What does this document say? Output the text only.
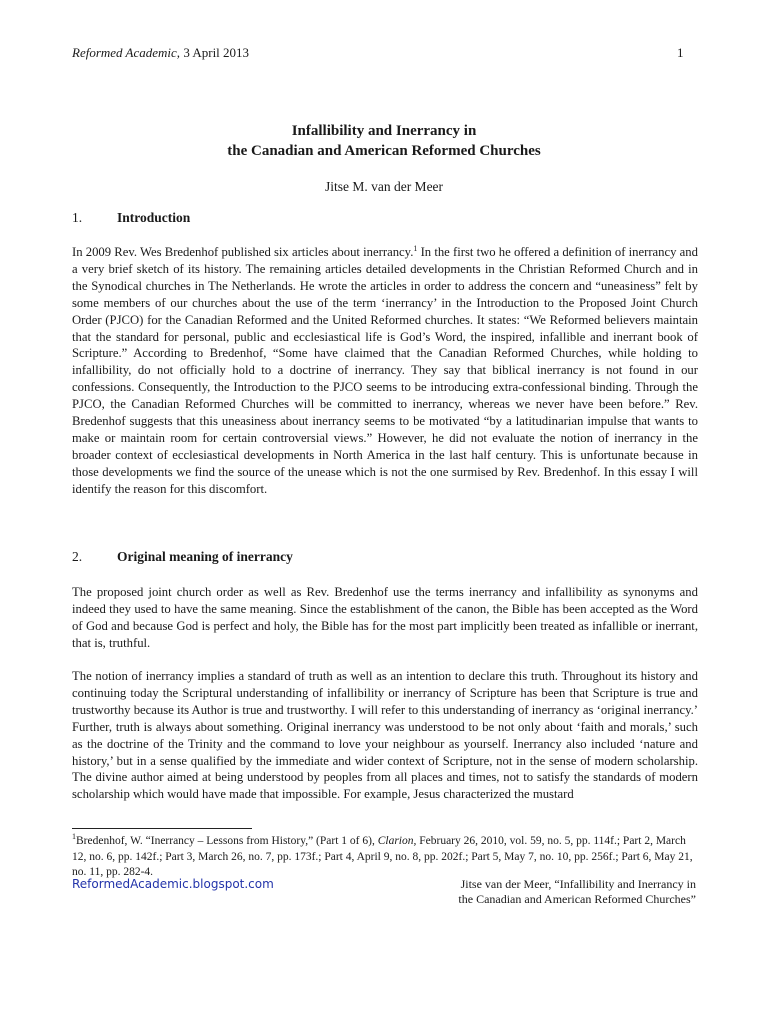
Reformed Academic, 3 April 2013	1
Infallibility and Inerrancy in
the Canadian and American Reformed Churches
Jitse M. van der Meer
1.	Introduction

In 2009 Rev. Wes Bredenhof published six articles about inerrancy.$^1$ In the first two he offered a definition of inerrancy and a very brief sketch of its history. The remaining articles detailed developments in the Christian Reformed Church and in the Synodical churches in The Netherlands. He wrote the articles in order to address the concern and “uneasiness” felt by some members of our churches about the use of the term ‘inerrancy’ in the Introduction to the Proposed Joint Church Order (PJCO) for the Canadian Reformed and the United Reformed churches. It states: “We Reformed believers maintain that the standard for personal, public and ecclesiastical life is God’s Word, the inspired, infallible and inerrant book of Scripture.” According to Bredenhof, “Some have claimed that the Canadian Reformed Churches, while holding to infallibility, do not officially hold to a doctrine of inerrancy. They say that biblical inerrancy is not found in our confessions. Consequently, the Introduction to the PJCO seems to be introducing extra-confessional binding. Through the PJCO, the Canadian Reformed Churches will be committed to inerrancy, whereas we never have been before.” Rev. Bredenhof suggests that this uneasiness about inerrancy seems to be motivated “by a latitudinarian impulse that wants to make or maintain room for certain controversial views.” However, he did not evaluate the notion of inerrancy in the broader context of ecclesiastical developments in North America in the last half century. This is unfortunate because in those developments we find the source of the unease which is not the one surmised by Rev. Bredenhof. In this essay I will identify the reason for this discomfort.

2.	Original meaning of inerrancy

The proposed joint church order as well as Rev. Bredenhof use the terms inerrancy and infallibility as synonyms and indeed they used to have the same meaning. Since the establishment of the canon, the Bible has been accepted as the Word of God and because God is perfect and holy, the Bible has for the most part implicitly been treated as infallible or inerrant, that is, truthful.

The notion of inerrancy implies a standard of truth as well as an intention to declare this truth. Throughout its history and continuing today the Scriptural understanding of infallibility or inerrancy of Scripture has been that Scripture is true and trustworthy because its Author is true and trustworthy. I will refer to this understanding of inerrancy as ‘original inerrancy.’ Further, truth is always about something. Original inerrancy was understood to be not only about ‘faith and morals,’ such as the doctrine of the Trinity and the command to love your neighbour as yourself. Inerrancy also included ‘nature and history,’ but in a sense qualified by the immediate and wider context of Scripture, not in the sense of modern scholarship. The divine author aimed at being understood by peoples from all places and times, not to satisfy the standards of modern scholarship which would have made that impossible. For example, Jesus characterized the mustard

$^1$Bredenhof, W. “Inerrancy – Lessons from History,” (Part 1 of 6), Clarion, February 26, 2010, vol. 59, no. 5, pp. 114f.; Part 2, March 12, no. 6, pp. 142f.; Part 3, March 26, no. 7, pp. 173f.; Part 4, April 9, no. 8, pp. 202f.; Part 5, May 7, no. 10, pp. 256f.; Part 6, May 21, no. 11, pp. 282-4.

ReformedAcademic.blogspot.com	Jitse van der Meer, “Infallibility and Inerrancy in
the Canadian and American Reformed Churches”
